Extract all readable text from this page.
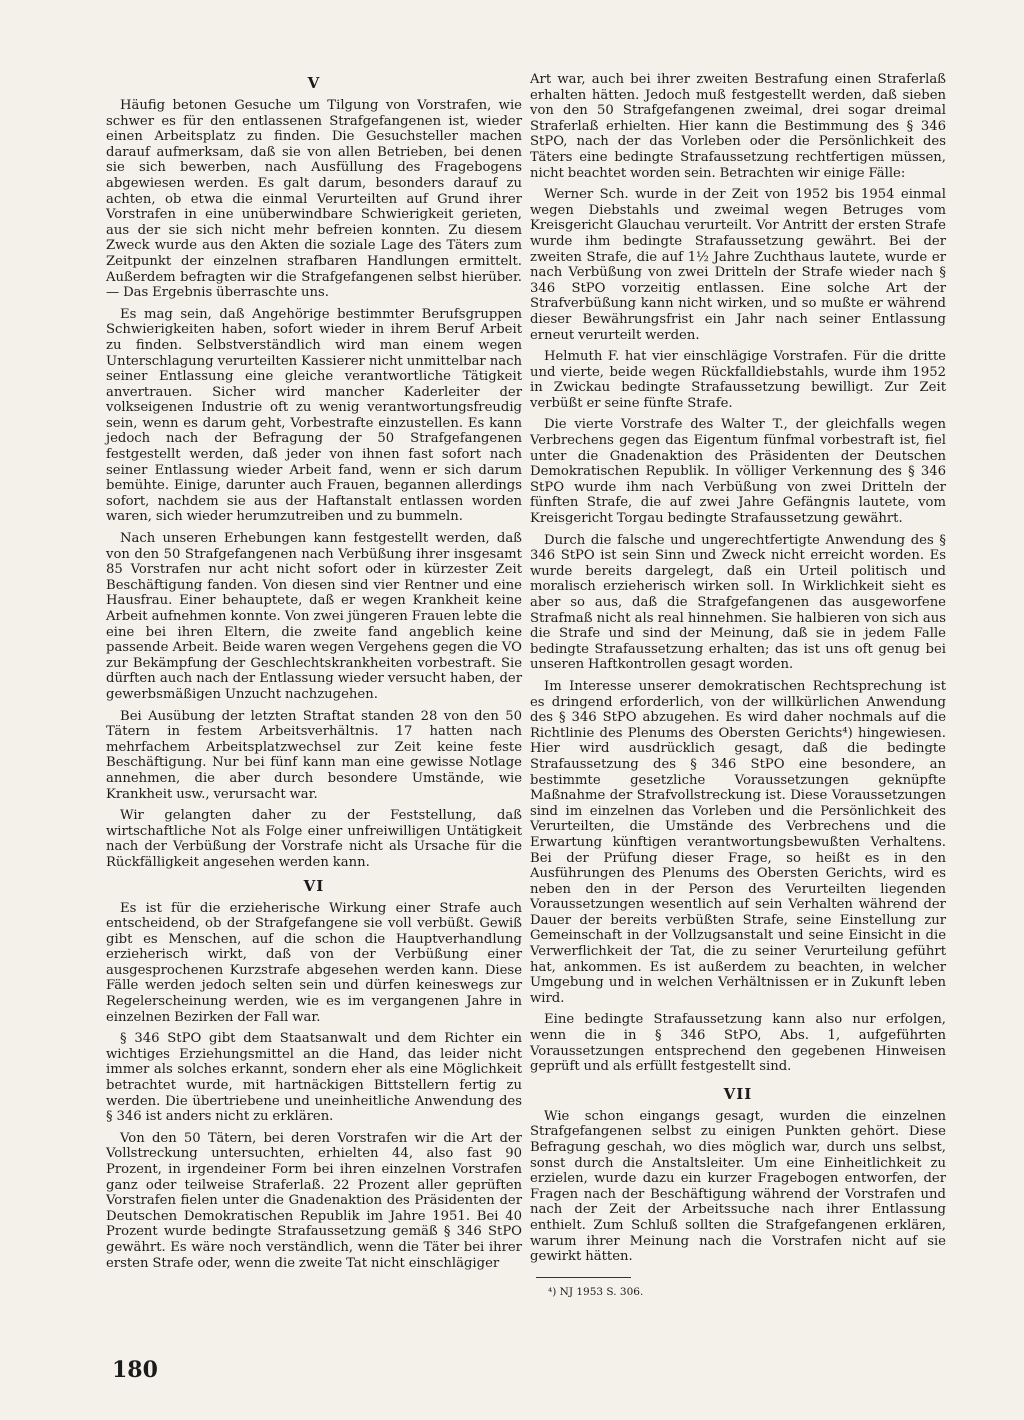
V

Häufig betonen Gesuche um Tilgung von Vorstrafen, wie schwer es für den entlassenen Strafgefangenen ist, wieder einen Arbeitsplatz zu finden. Die Gesuchsteller machen darauf aufmerksam, daß sie von allen Betrieben, bei denen sie sich bewerben, nach Ausfüllung des Fragebogens abgewiesen werden. Es galt darum, besonders darauf zu achten, ob etwa die einmal Verurteilten auf Grund ihrer Vorstrafen in eine unüberwindbare Schwierigkeit gerieten, aus der sie sich nicht mehr befreien konnten. Zu diesem Zweck wurde aus den Akten die soziale Lage des Täters zum Zeitpunkt der einzelnen strafbaren Handlungen ermittelt. Außerdem befragten wir die Strafgefangenen selbst hierüber. — Das Ergebnis überraschte uns.

Es mag sein, daß Angehörige bestimmter Berufsgruppen Schwierigkeiten haben, sofort wieder in ihrem Beruf Arbeit zu finden. Selbstverständlich wird man einem wegen Unterschlagung verurteilten Kassierer nicht unmittelbar nach seiner Entlassung eine gleiche verantwortliche Tätigkeit anvertrauen. Sicher wird mancher Kaderleiter der volkseigenen Industrie oft zu wenig verantwortungsfreudig sein, wenn es darum geht, Vorbestrafte einzustellen. Es kann jedoch nach der Befragung der 50 Strafgefangenen festgestellt werden, daß jeder von ihnen fast sofort nach seiner Entlassung wieder Arbeit fand, wenn er sich darum bemühte. Einige, darunter auch Frauen, begannen allerdings sofort, nachdem sie aus der Haftanstalt entlassen worden waren, sich wieder herumzutreiben und zu bummeln.

Nach unseren Erhebungen kann festgestellt werden, daß von den 50 Strafgefangenen nach Verbüßung ihrer insgesamt 85 Vorstrafen nur acht nicht sofort oder in kürzester Zeit Beschäftigung fanden. Von diesen sind vier Rentner und eine Hausfrau. Einer behauptete, daß er wegen Krankheit keine Arbeit aufnehmen konnte. Von zwei jüngeren Frauen lebte die eine bei ihren Eltern, die zweite fand angeblich keine passende Arbeit. Beide waren wegen Vergehens gegen die VO zur Bekämpfung der Geschlechtskrankheiten vorbestraft. Sie dürften auch nach der Entlassung wieder versucht haben, der gewerbsmäßigen Unzucht nachzugehen.

Bei Ausübung der letzten Straftat standen 28 von den 50 Tätern in festem Arbeitsverhältnis. 17 hatten nach mehrfachem Arbeitsplatzwechsel zur Zeit keine feste Beschäftigung. Nur bei fünf kann man eine gewisse Notlage annehmen, die aber durch besondere Umstände, wie Krankheit usw., verursacht war.

Wir gelangten daher zu der Feststellung, daß wirtschaftliche Not als Folge einer unfreiwilligen Untätigkeit nach der Verbüßung der Vorstrafe nicht als Ursache für die Rückfälligkeit angesehen werden kann.

VI

Es ist für die erzieherische Wirkung einer Strafe auch entscheidend, ob der Strafgefangene sie voll verbüßt. Gewiß gibt es Menschen, auf die schon die Hauptverhandlung erzieherisch wirkt, daß von der Verbüßung einer ausgesprochenen Kurzstrafe abgesehen werden kann. Diese Fälle werden jedoch selten sein und dürfen keineswegs zur Regelerscheinung werden, wie es im vergangenen Jahre in einzelnen Bezirken der Fall war.

§ 346 StPO gibt dem Staatsanwalt und dem Richter ein wichtiges Erziehungsmittel an die Hand, das leider nicht immer als solches erkannt, sondern eher als eine Möglichkeit betrachtet wurde, mit hartnäckigen Bittstellern fertig zu werden. Die übertriebene und uneinheitliche Anwendung des § 346 ist anders nicht zu erklären.

Von den 50 Tätern, bei deren Vorstrafen wir die Art der Vollstreckung untersuchten, erhielten 44, also fast 90 Prozent, in irgendeiner Form bei ihren einzelnen Vorstrafen ganz oder teilweise Straferlaß. 22 Prozent aller geprüften Vorstrafen fielen unter die Gnadenaktion des Präsidenten der Deutschen Demokratischen Republik im Jahre 1951. Bei 40 Prozent wurde bedingte Strafaussetzung gemäß § 346 StPO gewährt. Es wäre noch verständlich, wenn die Täter bei ihrer ersten Strafe oder, wenn die zweite Tat nicht einschlägiger

Art war, auch bei ihrer zweiten Bestrafung einen Straferlaß erhalten hätten. Jedoch muß festgestellt werden, daß sieben von den 50 Strafgefangenen zweimal, drei sogar dreimal Straferlaß erhielten. Hier kann die Bestimmung des § 346 StPO, nach der das Vorleben oder die Persönlichkeit des Täters eine bedingte Strafaussetzung rechtfertigen müssen, nicht beachtet worden sein. Betrachten wir einige Fälle:

Werner Sch. wurde in der Zeit von 1952 bis 1954 einmal wegen Diebstahls und zweimal wegen Betruges vom Kreisgericht Glauchau verurteilt. Vor Antritt der ersten Strafe wurde ihm bedingte Strafaussetzung gewährt. Bei der zweiten Strafe, die auf 1½ Jahre Zuchthaus lautete, wurde er nach Verbüßung von zwei Dritteln der Strafe wieder nach § 346 StPO vorzeitig entlassen. Eine solche Art der Strafverbüßung kann nicht wirken, und so mußte er während dieser Bewährungsfrist ein Jahr nach seiner Entlassung erneut verurteilt werden.

Helmuth F. hat vier einschlägige Vorstrafen. Für die dritte und vierte, beide wegen Rückfalldiebstahls, wurde ihm 1952 in Zwickau bedingte Strafaussetzung bewilligt. Zur Zeit verbüßt er seine fünfte Strafe.

Die vierte Vorstrafe des Walter T., der gleichfalls wegen Verbrechens gegen das Eigentum fünfmal vorbestraft ist, fiel unter die Gnadenaktion des Präsidenten der Deutschen Demokratischen Republik. In völliger Verkennung des § 346 StPO wurde ihm nach Verbüßung von zwei Dritteln der fünften Strafe, die auf zwei Jahre Gefängnis lautete, vom Kreisgericht Torgau bedingte Strafaussetzung gewährt.

Durch die falsche und ungerechtfertigte Anwendung des § 346 StPO ist sein Sinn und Zweck nicht erreicht worden. Es wurde bereits dargelegt, daß ein Urteil politisch und moralisch erzieherisch wirken soll. In Wirklichkeit sieht es aber so aus, daß die Strafgefangenen das ausgeworfene Strafmaß nicht als real hinnehmen. Sie halbieren von sich aus die Strafe und sind der Meinung, daß sie in jedem Falle bedingte Strafaussetzung erhalten; das ist uns oft genug bei unseren Haftkontrollen gesagt worden.

Im Interesse unserer demokratischen Rechtsprechung ist es dringend erforderlich, von der willkürlichen Anwendung des § 346 StPO abzugehen. Es wird daher nochmals auf die Richtlinie des Plenums des Obersten Gerichts⁴) hingewiesen. Hier wird ausdrücklich gesagt, daß die bedingte Strafaussetzung des § 346 StPO eine besondere, an bestimmte gesetzliche Voraussetzungen geknüpfte Maßnahme der Strafvollstreckung ist. Diese Voraussetzungen sind im einzelnen das Vorleben und die Persönlichkeit des Verurteilten, die Umstände des Verbrechens und die Erwartung künftigen verantwortungsbewußten Verhaltens. Bei der Prüfung dieser Frage, so heißt es in den Ausführungen des Plenums des Obersten Gerichts, wird es neben den in der Person des Verurteilten liegenden Voraussetzungen wesentlich auf sein Verhalten während der Dauer der bereits verbüßten Strafe, seine Einstellung zur Gemeinschaft in der Vollzugsanstalt und seine Einsicht in die Verwerflichkeit der Tat, die zu seiner Verurteilung geführt hat, ankommen. Es ist außerdem zu beachten, in welcher Umgebung und in welchen Verhältnissen er in Zukunft leben wird.

Eine bedingte Strafaussetzung kann also nur erfolgen, wenn die in § 346 StPO, Abs. 1, aufgeführten Voraussetzungen entsprechend den gegebenen Hinweisen geprüft und als erfüllt festgestellt sind.

VII

Wie schon eingangs gesagt, wurden die einzelnen Strafgefangenen selbst zu einigen Punkten gehört. Diese Befragung geschah, wo dies möglich war, durch uns selbst, sonst durch die Anstaltsleiter. Um eine Einheitlichkeit zu erzielen, wurde dazu ein kurzer Fragebogen entworfen, der Fragen nach der Beschäftigung während der Vorstrafen und nach der Zeit der Arbeitssuche nach ihrer Entlassung enthielt. Zum Schluß sollten die Strafgefangenen erklären, warum ihrer Meinung nach die Vorstrafen nicht auf sie gewirkt hätten.

⁴) NJ 1953 S. 306.
180
